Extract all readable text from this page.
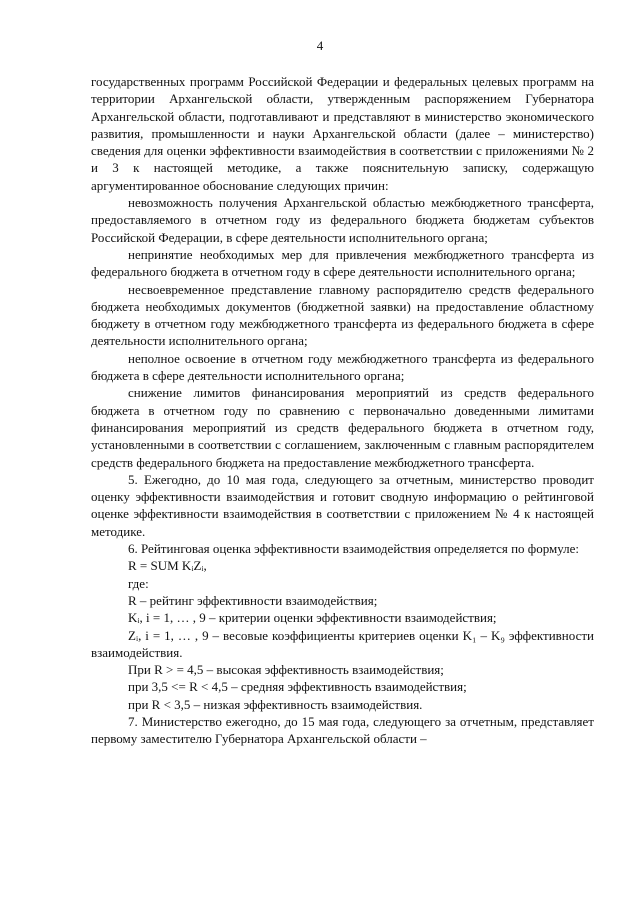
4

государственных программ Российской Федерации и федеральных целевых программ на территории Архангельской области, утвержденным распоряжением Губернатора Архангельской области, подготавливают и представляют в министерство экономического развития, промышленности и науки Архангельской области (далее – министерство) сведения для оценки эффективности взаимодействия в соответствии с приложениями № 2 и 3 к настоящей методике, а также пояснительную записку, содержащую аргументированное обоснование следующих причин:

невозможность получения Архангельской областью межбюджетного трансферта, предоставляемого в отчетном году из федерального бюджета бюджетам субъектов Российской Федерации, в сфере деятельности исполнительного органа;

непринятие необходимых мер для привлечения межбюджетного трансферта из федерального бюджета в отчетном году в сфере деятельности исполнительного органа;

несвоевременное представление главному распорядителю средств федерального бюджета необходимых документов (бюджетной заявки) на предоставление областному бюджету в отчетном году межбюджетного трансферта из федерального бюджета в сфере деятельности исполнительного органа;

неполное освоение в отчетном году межбюджетного трансферта из федерального бюджета в сфере деятельности исполнительного органа;

снижение лимитов финансирования мероприятий из средств федерального бюджета в отчетном году по сравнению с первоначально доведенными лимитами финансирования мероприятий из средств федерального бюджета в отчетном году, установленными в соответствии с соглашением, заключенным с главным распорядителем средств федерального бюджета на предоставление межбюджетного трансферта.

5. Ежегодно, до 10 мая года, следующего за отчетным, министерство проводит оценку эффективности взаимодействия и готовит сводную информацию о рейтинговой оценке эффективности взаимодействия в соответствии с приложением № 4 к настоящей методике.

6. Рейтинговая оценка эффективности взаимодействия определяется по формуле:

R = SUM KᵢZᵢ,

где:

R – рейтинг эффективности взаимодействия;

Kᵢ, i = 1, … , 9 – критерии оценки эффективности взаимодействия;

Zᵢ, i = 1, … , 9 – весовые коэффициенты критериев оценки K₁ – K₉ эффективности взаимодействия.

При R > = 4,5 – высокая эффективность взаимодействия;

при 3,5 <= R < 4,5 – средняя эффективность взаимодействия;

при R < 3,5 – низкая эффективность взаимодействия.

7. Министерство ежегодно, до 15 мая года, следующего за отчетным, представляет первому заместителю Губернатора Архангельской области –
